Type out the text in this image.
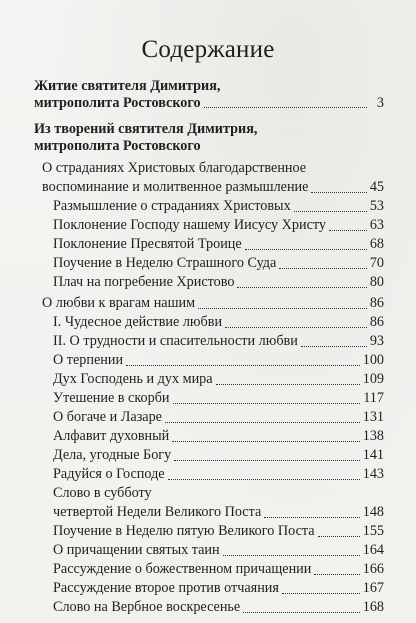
Содержание
Житие святителя Димитрия,
митрополита Ростовского	3
Из творений святителя Димитрия,
митрополита Ростовского
О страданиях Христовых благодарственное
воспоминание и молитвенное размышление	45
Размышление о страданиях Христовых	53
Поклонение Господу нашему Иисусу Христу	63
Поклонение Пресвятой Троице	68
Поучение в Неделю Страшного Суда	70
Плач на погребение Христово	80
О любви к врагам нашим	86
I. Чудесное действие любви	86
II. О трудности и спасительности любви	93
О терпении	100
Дух Господень и дух мира	109
Утешение в скорби	117
О богаче и Лазаре	131
Алфавит духовный	138
Дела, угодные Богу	141
Радуйся о Господе	143
Слово в субботу
четвертой Недели Великого Поста	148
Поучение в Неделю пятую Великого Поста	155
О причащении святых таин	164
Рассуждение о божественном причащении	166
Рассуждение второе против отчаяния	167
Слово на Вербное воскресенье	168
